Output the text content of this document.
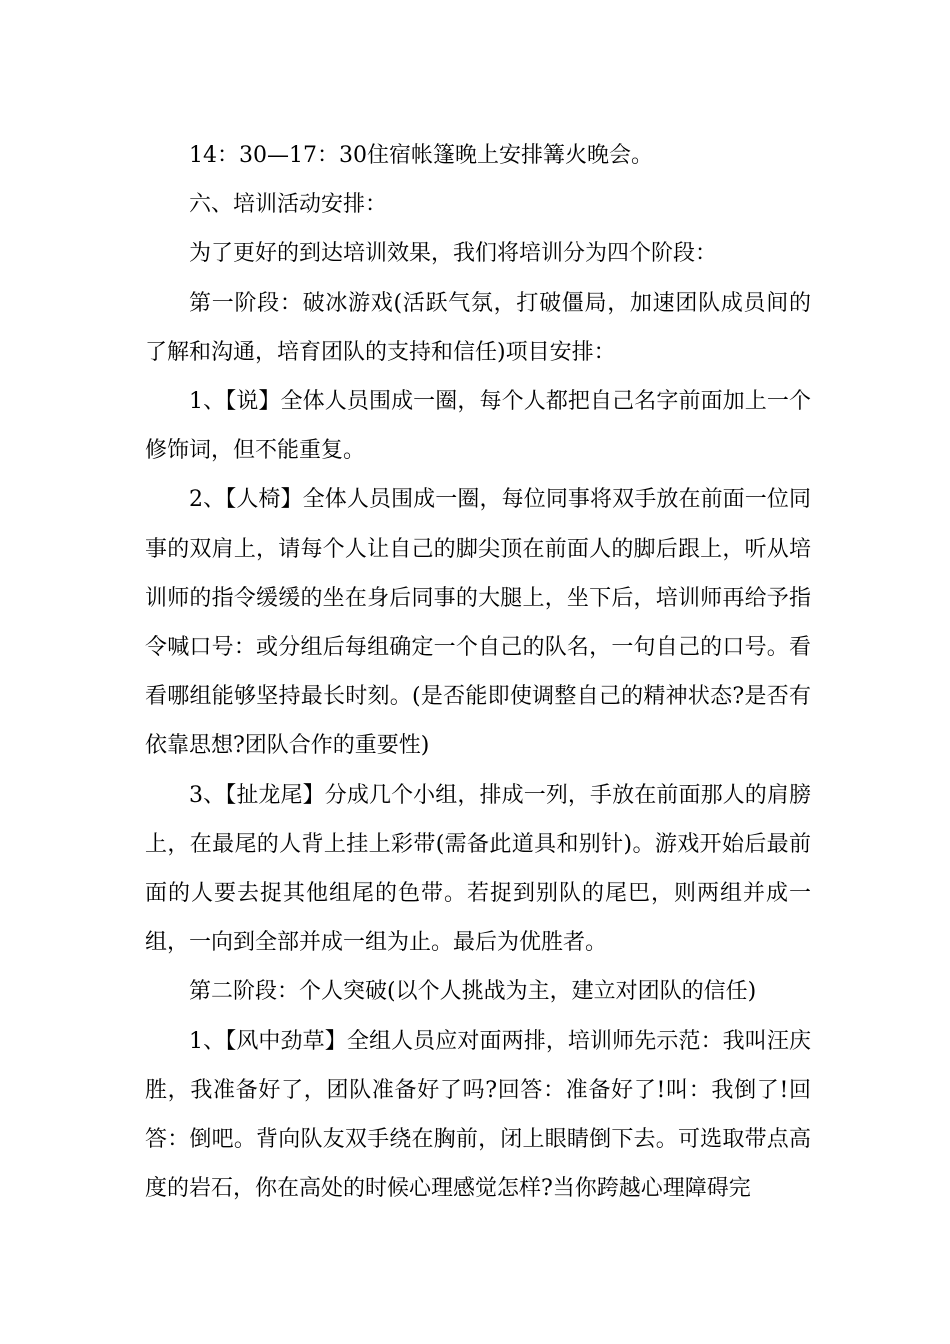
14：30—17：30住宿帐篷晚上安排篝火晚会。

六、培训活动安排：

为了更好的到达培训效果，我们将培训分为四个阶段：

第一阶段：破冰游戏(活跃气氛，打破僵局，加速团队成员间的了解和沟通，培育团队的支持和信任)项目安排：

1、【说】全体人员围成一圈，每个人都把自己名字前面加上一个修饰词，但不能重复。

2、【人椅】全体人员围成一圈，每位同事将双手放在前面一位同事的双肩上，请每个人让自己的脚尖顶在前面人的脚后跟上，听从培训师的指令缓缓的坐在身后同事的大腿上，坐下后，培训师再给予指令喊口号：或分组后每组确定一个自己的队名，一句自己的口号。看看哪组能够坚持最长时刻。(是否能即使调整自己的精神状态?是否有依靠思想?团队合作的重要性)

3、【扯龙尾】分成几个小组，排成一列，手放在前面那人的肩膀上，在最尾的人背上挂上彩带(需备此道具和别针)。游戏开始后最前面的人要去捉其他组尾的色带。若捉到别队的尾巴，则两组并成一组，一向到全部并成一组为止。最后为优胜者。

第二阶段：个人突破(以个人挑战为主，建立对团队的信任)

1、【风中劲草】全组人员应对面两排，培训师先示范：我叫汪庆胜，我准备好了，团队准备好了吗?回答：准备好了!叫：我倒了!回答：倒吧。背向队友双手绕在胸前，闭上眼睛倒下去。可选取带点高度的岩石，你在高处的时候心理感觉怎样?当你跨越心理障碍完
